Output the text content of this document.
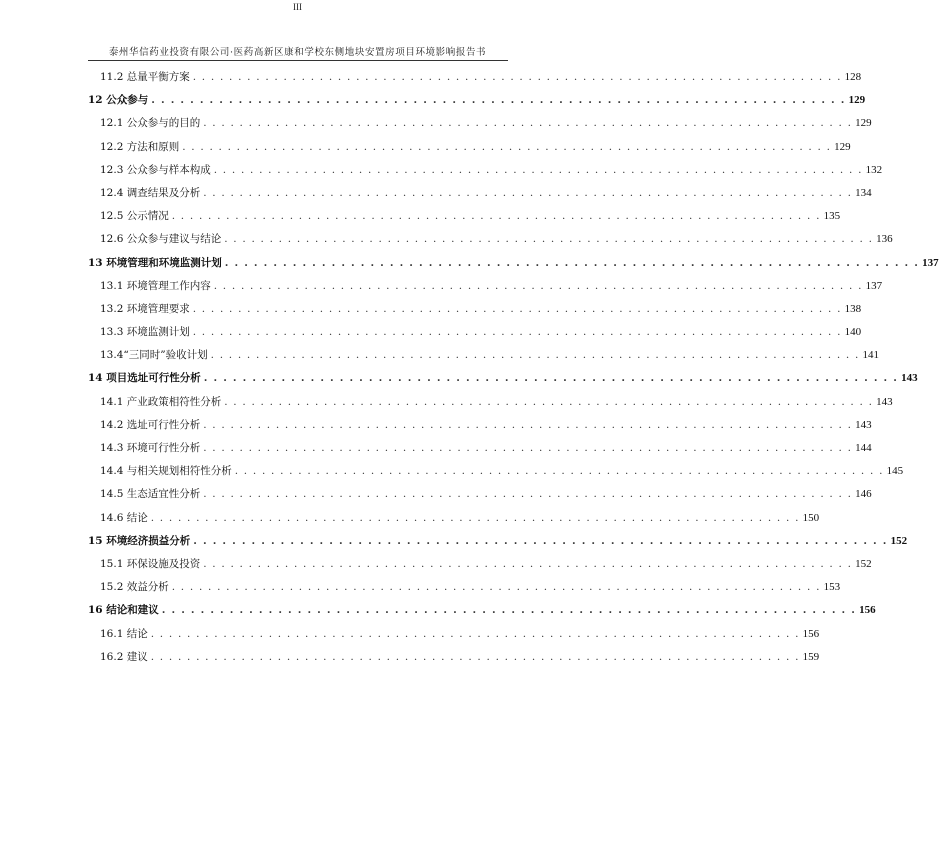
III
泰州华信药业投资有限公司·医药高新区康和学校东侧地块安置房项目环境影响报告书
11.2 总量平衡方案 . . . . . . . . . . . . . . . . . . . . . . . . . . . . . . . . . . . . . . . . . . . . . . . . . . . . . . . . . . . . . . . . . . . . . . . . 128
12 公众参与 . . . . . . . . . . . . . . . . . . . . . . . . . . . . . . . . . . . . . . . . . . . . . . . . . . . . . . . . . . . . . . . . . . . . . . . . 129
12.1 公众参与的目的 . . . . . . . . . . . . . . . . . . . . . . . . . . . . . . . . . . . . . . . . . . . . . . . . . . . . . . . . . . . . . . . . . . . . . . . . 129
12.2 方法和原则 . . . . . . . . . . . . . . . . . . . . . . . . . . . . . . . . . . . . . . . . . . . . . . . . . . . . . . . . . . . . . . . . . . . . . . . . 129
12.3 公众参与样本构成 . . . . . . . . . . . . . . . . . . . . . . . . . . . . . . . . . . . . . . . . . . . . . . . . . . . . . . . . . . . . . . . . . . . . . . . . 132
12.4 调查结果及分析 . . . . . . . . . . . . . . . . . . . . . . . . . . . . . . . . . . . . . . . . . . . . . . . . . . . . . . . . . . . . . . . . . . . . . . . . 134
12.5 公示情况 . . . . . . . . . . . . . . . . . . . . . . . . . . . . . . . . . . . . . . . . . . . . . . . . . . . . . . . . . . . . . . . . . . . . . . . . 135
12.6 公众参与建议与结论 . . . . . . . . . . . . . . . . . . . . . . . . . . . . . . . . . . . . . . . . . . . . . . . . . . . . . . . . . . . . . . . . . . . . . . . . 136
13 环境管理和环境监测计划 . . . . . . . . . . . . . . . . . . . . . . . . . . . . . . . . . . . . . . . . . . . . . . . . . . . . . . . . . . . . . . . . . . . . . . . . 137
13.1 环境管理工作内容 . . . . . . . . . . . . . . . . . . . . . . . . . . . . . . . . . . . . . . . . . . . . . . . . . . . . . . . . . . . . . . . . . . . . . . . . 137
13.2 环境管理要求 . . . . . . . . . . . . . . . . . . . . . . . . . . . . . . . . . . . . . . . . . . . . . . . . . . . . . . . . . . . . . . . . . . . . . . . . 138
13.3 环境监测计划 . . . . . . . . . . . . . . . . . . . . . . . . . . . . . . . . . . . . . . . . . . . . . . . . . . . . . . . . . . . . . . . . . . . . . . . . 140
13.4“三同时”验收计划 . . . . . . . . . . . . . . . . . . . . . . . . . . . . . . . . . . . . . . . . . . . . . . . . . . . . . . . . . . . . . . . . . . . . . . . . 141
14 项目选址可行性分析 . . . . . . . . . . . . . . . . . . . . . . . . . . . . . . . . . . . . . . . . . . . . . . . . . . . . . . . . . . . . . . . . . . . . . . . . 143
14.1 产业政策相符性分析 . . . . . . . . . . . . . . . . . . . . . . . . . . . . . . . . . . . . . . . . . . . . . . . . . . . . . . . . . . . . . . . . . . . . . . . . 143
14.2 选址可行性分析 . . . . . . . . . . . . . . . . . . . . . . . . . . . . . . . . . . . . . . . . . . . . . . . . . . . . . . . . . . . . . . . . . . . . . . . . 143
14.3 环境可行性分析 . . . . . . . . . . . . . . . . . . . . . . . . . . . . . . . . . . . . . . . . . . . . . . . . . . . . . . . . . . . . . . . . . . . . . . . . 144
14.4 与相关规划相符性分析 . . . . . . . . . . . . . . . . . . . . . . . . . . . . . . . . . . . . . . . . . . . . . . . . . . . . . . . . . . . . . . . . . . . . . . . . 145
14.5 生态适宜性分析 . . . . . . . . . . . . . . . . . . . . . . . . . . . . . . . . . . . . . . . . . . . . . . . . . . . . . . . . . . . . . . . . . . . . . . . . 146
14.6 结论 . . . . . . . . . . . . . . . . . . . . . . . . . . . . . . . . . . . . . . . . . . . . . . . . . . . . . . . . . . . . . . . . . . . . . . . . 150
15 环境经济损益分析 . . . . . . . . . . . . . . . . . . . . . . . . . . . . . . . . . . . . . . . . . . . . . . . . . . . . . . . . . . . . . . . . . . . . . . . . 152
15.1 环保设施及投资 . . . . . . . . . . . . . . . . . . . . . . . . . . . . . . . . . . . . . . . . . . . . . . . . . . . . . . . . . . . . . . . . . . . . . . . . 152
15.2 效益分析 . . . . . . . . . . . . . . . . . . . . . . . . . . . . . . . . . . . . . . . . . . . . . . . . . . . . . . . . . . . . . . . . . . . . . . . . 153
16 结论和建议 . . . . . . . . . . . . . . . . . . . . . . . . . . . . . . . . . . . . . . . . . . . . . . . . . . . . . . . . . . . . . . . . . . . . . . . . 156
16.1 结论 . . . . . . . . . . . . . . . . . . . . . . . . . . . . . . . . . . . . . . . . . . . . . . . . . . . . . . . . . . . . . . . . . . . . . . . . 156
16.2 建议 . . . . . . . . . . . . . . . . . . . . . . . . . . . . . . . . . . . . . . . . . . . . . . . . . . . . . . . . . . . . . . . . . . . . . . . . 159
